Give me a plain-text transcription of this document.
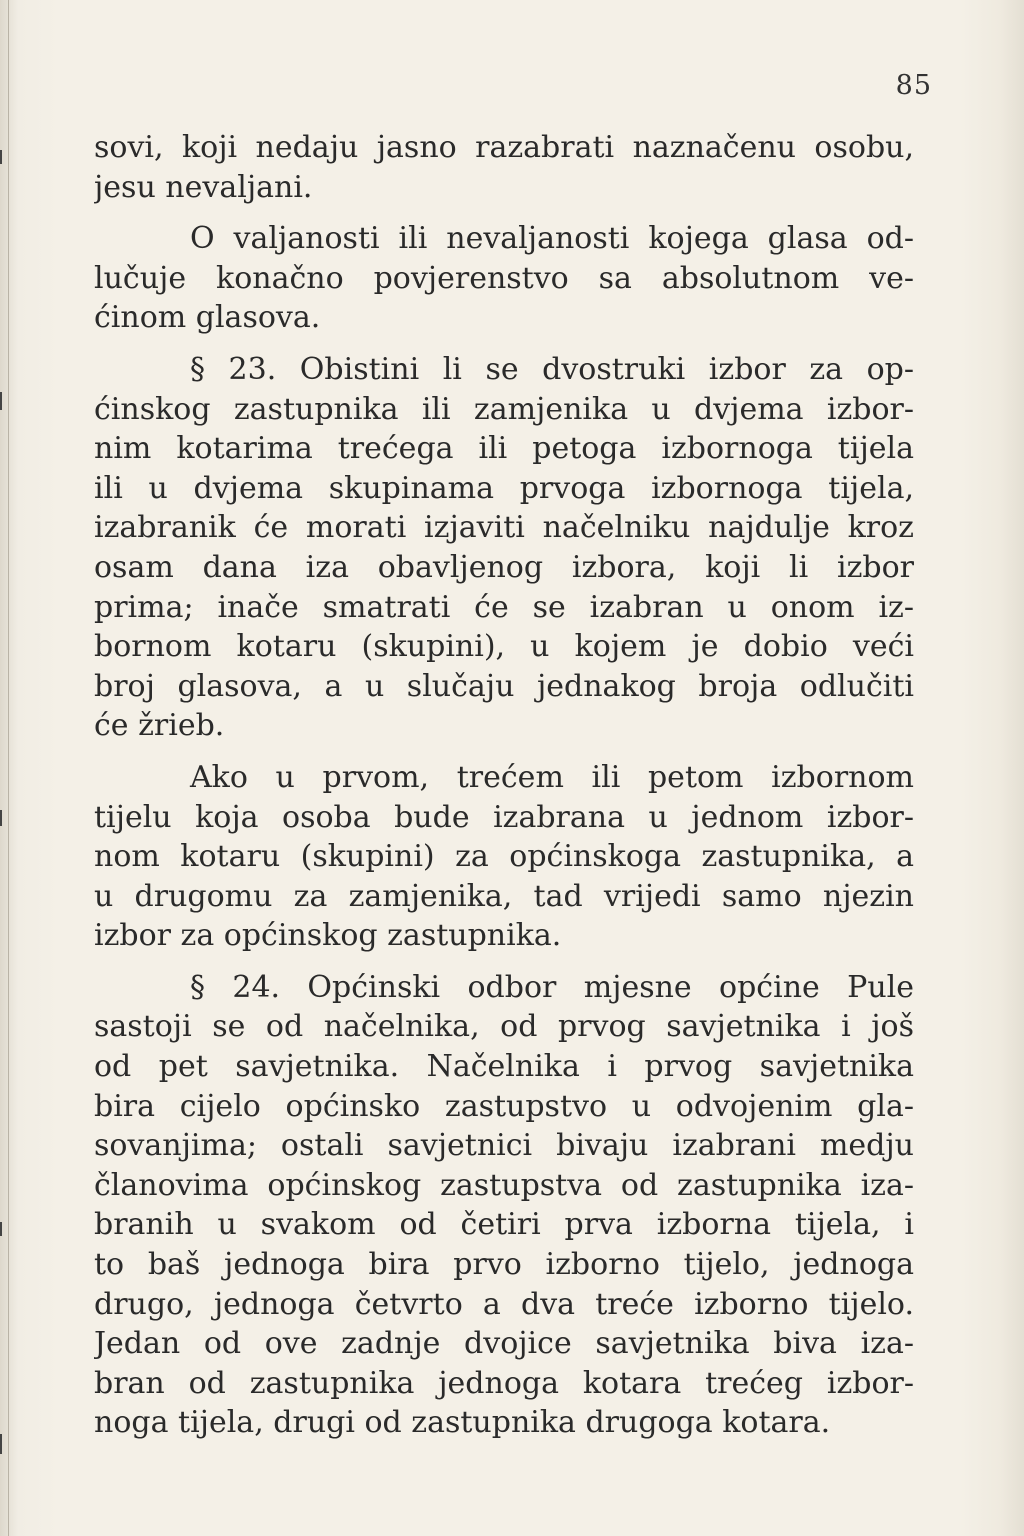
85
sovi, koji nedaju jasno razabrati naznačenu osobu,
jesu nevaljani.
O valjanosti ili nevaljanosti kojega glasa od-
lučuje konačno povjerenstvo sa absolutnom ve-
ćinom glasova.
§ 23. Obistini li se dvostruki izbor za op-
ćinskog zastupnika ili zamjenika u dvjema izbor-
nim kotarima trećega ili petoga izbornoga tijela
ili u dvjema skupinama prvoga izbornoga tijela,
izabranik će morati izjaviti načelniku najdulje kroz
osam dana iza obavljenog izbora, koji li izbor
prima; inače smatrati će se izabran u onom iz-
bornom kotaru (skupini), u kojem je dobio veći
broj glasova, a u slučaju jednakog broja odlučiti
će žrieb.
Ako u prvom, trećem ili petom izbornom
tijelu koja osoba bude izabrana u jednom izbor-
nom kotaru (skupini) za općinskoga zastupnika, a
u drugomu za zamjenika, tad vrijedi samo njezin
izbor za općinskog zastupnika.
§ 24. Općinski odbor mjesne općine Pule
sastoji se od načelnika, od prvog savjetnika i još
od pet savjetnika. Načelnika i prvog savjetnika
bira cijelo općinsko zastupstvo u odvojenim gla-
sovanjima; ostali savjetnici bivaju izabrani medju
članovima općinskog zastupstva od zastupnika iza-
branih u svakom od četiri prva izborna tijela, i
to baš jednoga bira prvo izborno tijelo, jednoga
drugo, jednoga četvrto a dva treće izborno tijelo.
Jedan od ove zadnje dvojice savjetnika biva iza-
bran od zastupnika jednoga kotara trećeg izbor-
noga tijela, drugi od zastupnika drugoga kotara.
